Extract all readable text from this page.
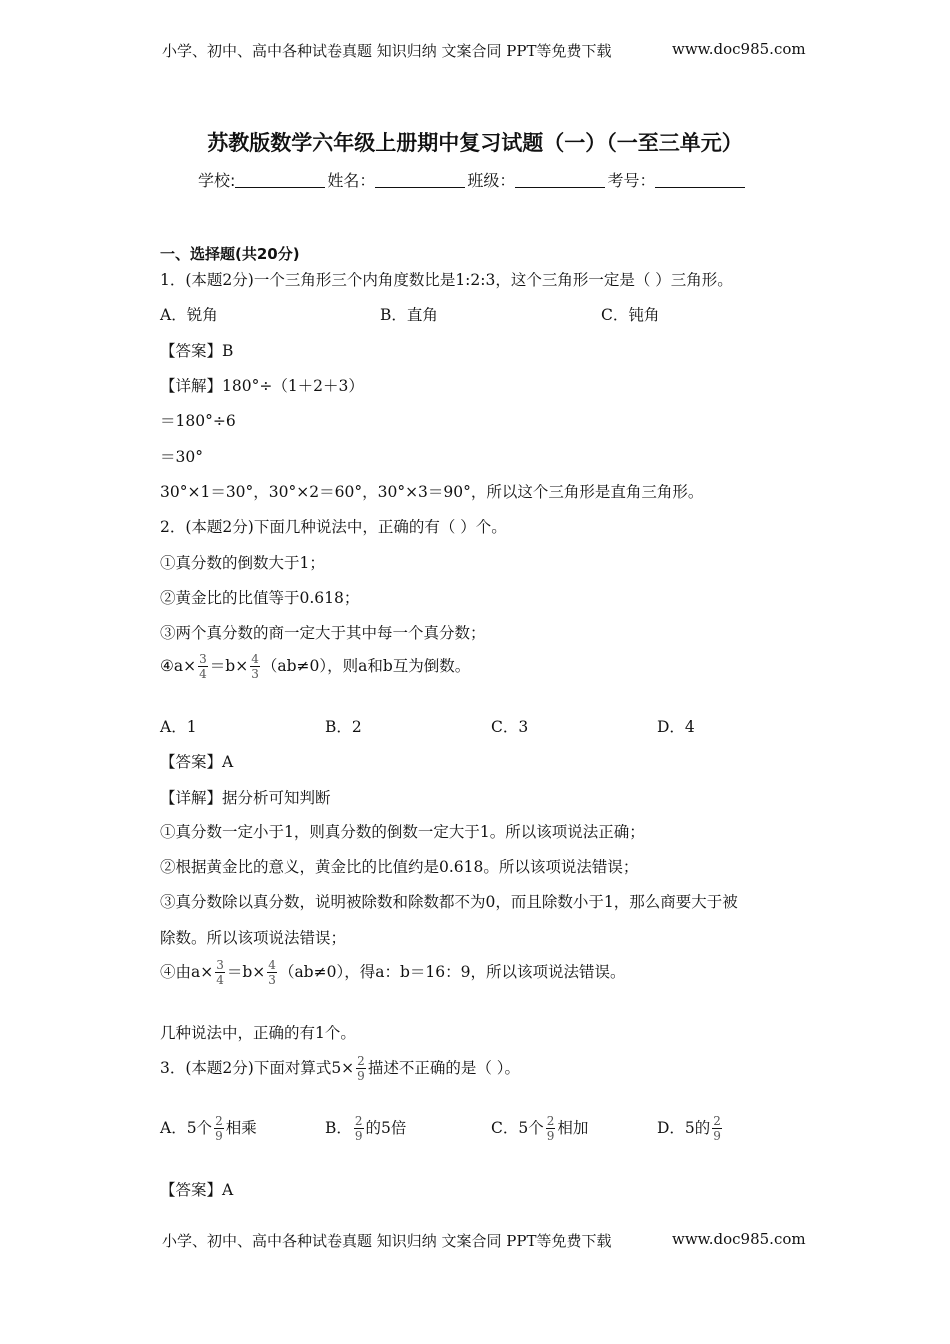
小学、初中、高中各种试卷真题 知识归纳 文案合同 PPT等免费下载	www.doc985.com
苏教版数学六年级上册期中复习试题（一）（一至三单元）
学校:	姓名：	班级：	考号：
一、选择题(共20分)
1．(本题2分)一个三角形三个内角度数比是1:2:3，这个三角形一定是（ ）三角形。
A．锐角	B．直角	C．钝角
【答案】B
【详解】180°÷（1＋2＋3）
＝180°÷6
＝30°
30°×1＝30°，30°×2＝60°，30°×3＝90°，所以这个三角形是直角三角形。
2．(本题2分)下面几种说法中，正确的有（ ）个。
①真分数的倒数大于1；
②黄金比的比值等于0.618；
③两个真分数的商一定大于其中每一个真分数；
④a× $\frac{3}{4} =b\times \frac{4}{3} (ab\ne 0)$，则a和b互为倒数。
A．1	B．2	C．3	D．4
【答案】A
【详解】据分析可知判断
①真分数一定小于1，则真分数的倒数一定大于1。所以该项说法正确；
②根据黄金比的意义，黄金比的比值约是0.618。所以该项说法错误；
③真分数除以真分数，说明被除数和除数都不为0，而且除数小于1，那么商要大于被
除数。所以该项说法错误；
④由$a\times \frac{3}{4} =b\times \frac{4}{3} (ab\ne 0)$，得a：b＝16：9，所以该项说法错误。
几种说法中，正确的有1个。
3．(本题2分)下面对算式$5\times \frac{2}{9}$ 描述不正确的是（ ）。
A．5个 $\frac{2}{9}$ 相乘	B． $\frac{2}{9}$ 的5倍	C．5个 $\frac{2}{9}$ 相加	D．5的 $\frac{2}{9}$
【答案】A
小学、初中、高中各种试卷真题 知识归纳 文案合同 PPT等免费下载	www.doc985.com
